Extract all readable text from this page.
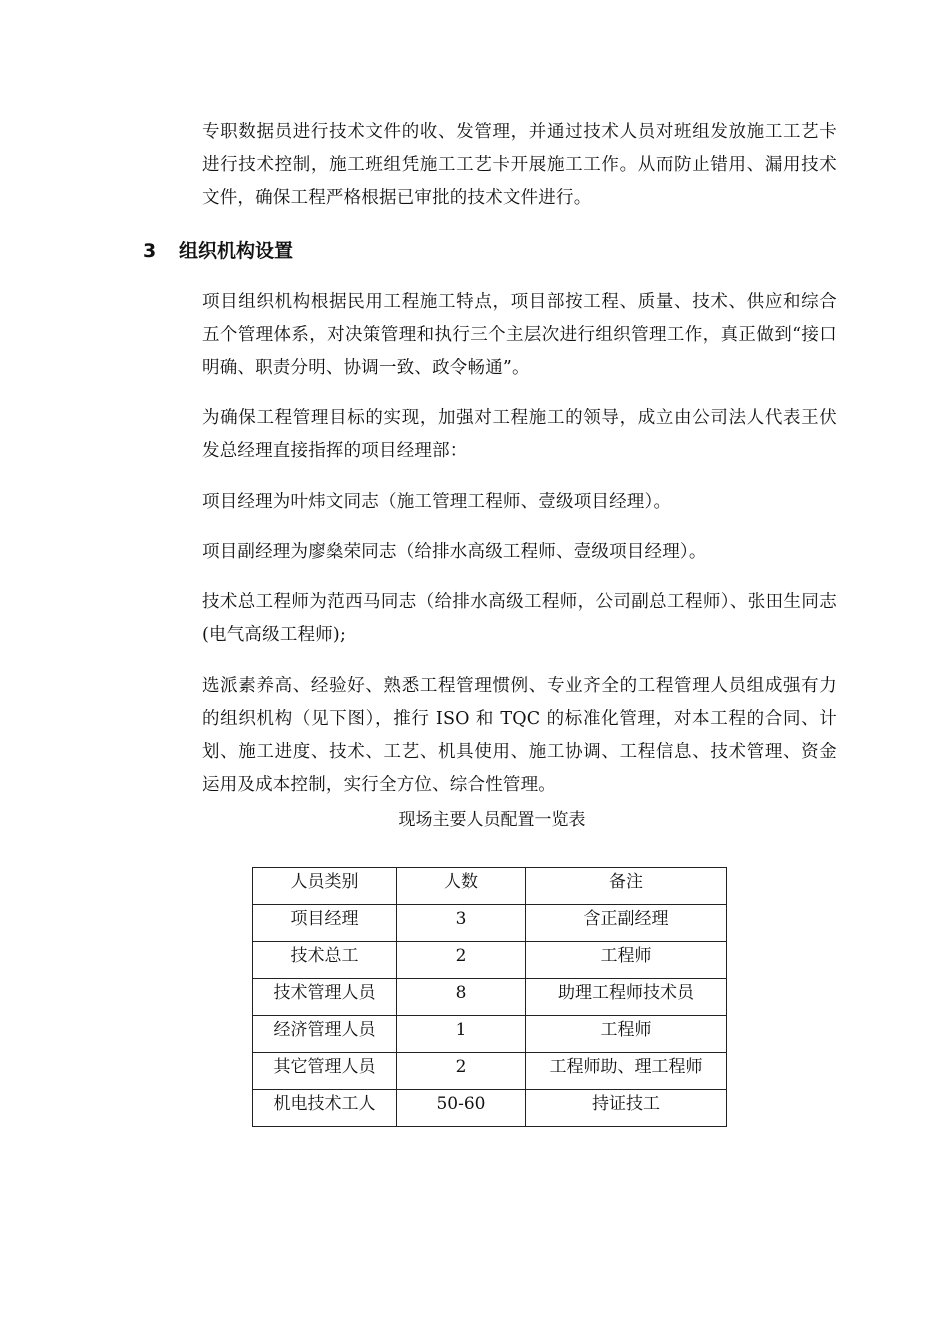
专职数据员进行技术文件的收、发管理，并通过技术人员对班组发放施工工艺卡进行技术控制，施工班组凭施工工艺卡开展施工工作。从而防止错用、漏用技术文件，确保工程严格根据已审批的技术文件进行。

3 组织机构设置

项目组织机构根据民用工程施工特点，项目部按工程、质量、技术、供应和综合五个管理体系，对决策管理和执行三个主层次进行组织管理工作，真正做到“接口明确、职责分明、协调一致、政令畅通”。

为确保工程管理目标的实现，加强对工程施工的领导，成立由公司法人代表王伏发总经理直接指挥的项目经理部：

项目经理为叶炜文同志（施工管理工程师、壹级项目经理）。

项目副经理为廖燊荣同志（给排水高级工程师、壹级项目经理）。

技术总工程师为范西马同志（给排水高级工程师，公司副总工程师）、张田生同志(电气高级工程师);

选派素养高、经验好、熟悉工程管理惯例、专业齐全的工程管理人员组成强有力的组织机构（见下图），推行 ISO 和 TQC 的标准化管理，对本工程的合同、计划、施工进度、技术、工艺、机具使用、施工协调、工程信息、技术管理、资金运用及成本控制，实行全方位、综合性管理。

现场主要人员配置一览表

人员类别	人数	备注
项目经理	3	含正副经理
技术总工	2	工程师
技术管理人员	8	助理工程师技术员
经济管理人员	1	工程师
其它管理人员	2	工程师助、理工程师
机电技术工人	50-60	持证技工
